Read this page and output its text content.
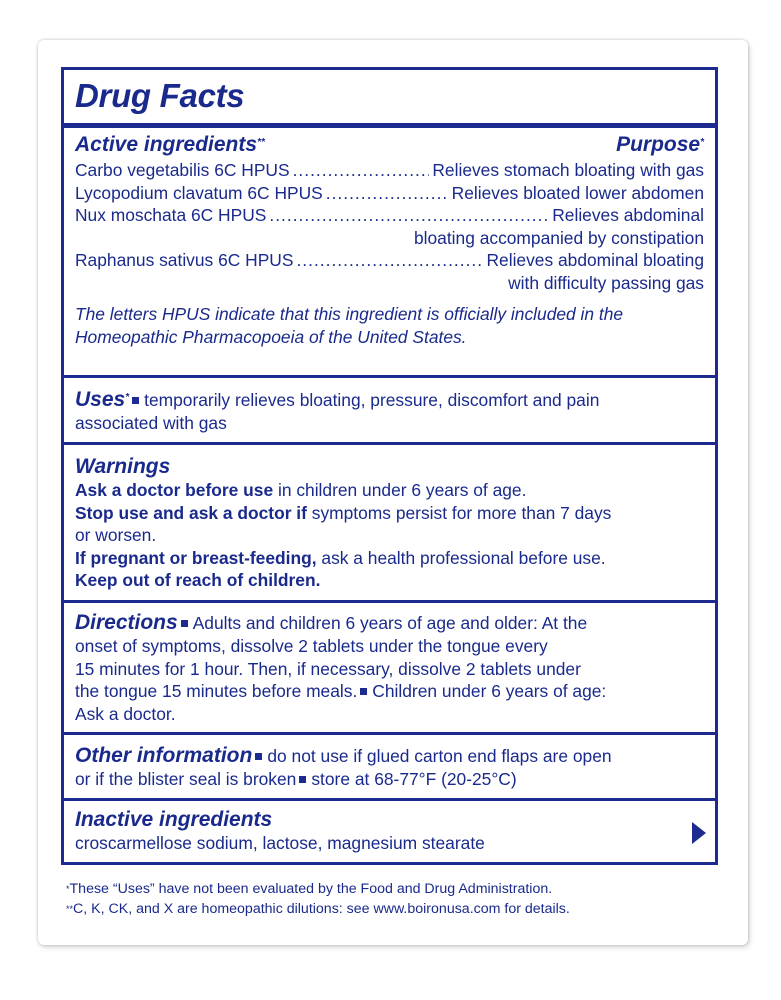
Drug Facts
Active ingredients**	Purpose*
Carbo vegetabilis 6C HPUS .....	Relieves stomach bloating with gas
Lycopodium clavatum 6C HPUS .....	Relieves bloated lower abdomen
Nux moschata 6C HPUS .....	Relieves abdominal
bloating accompanied by constipation
Raphanus sativus 6C HPUS .....	Relieves abdominal bloating
with difficulty passing gas
The letters HPUS indicate that this ingredient is officially included in the
Homeopathic Pharmacopoeia of the United States.
Uses* temporarily relieves bloating, pressure, discomfort and pain
associated with gas
Warnings
Ask a doctor before use in children under 6 years of age.
Stop use and ask a doctor if symptoms persist for more than 7 days
or worsen.
If pregnant or breast-feeding, ask a health professional before use.
Keep out of reach of children.
Directions Adults and children 6 years of age and older: At the
onset of symptoms, dissolve 2 tablets under the tongue every
15 minutes for 1 hour. Then, if necessary, dissolve 2 tablets under
the tongue 15 minutes before meals. Children under 6 years of age:
Ask a doctor.
Other information do not use if glued carton end flaps are open
or if the blister seal is broken store at 68-77°F (20-25°C)
Inactive ingredients
croscarmellose sodium, lactose, magnesium stearate
*These “Uses” have not been evaluated by the Food and Drug Administration.
**C, K, CK, and X are homeopathic dilutions: see www.boironusa.com for details.
